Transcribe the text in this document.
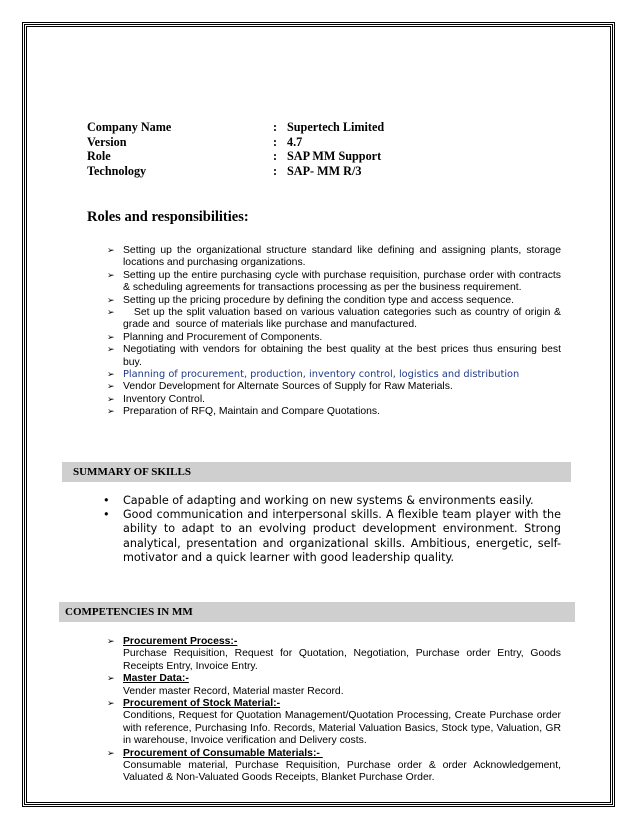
Company Name	: Supertech Limited
Version	: 4.7
Role	: SAP MM Support
Technology	: SAP- MM R/3
Roles and responsibilities:
➢ Setting up the organizational structure standard like defining and assigning plants, storage locations and purchasing organizations.
➢ Setting up the entire purchasing cycle with purchase requisition, purchase order with contracts & scheduling agreements for transactions processing as per the business requirement.
➢ Setting up the pricing procedure by defining the condition type and access sequence.
➢ Set up the split valuation based on various valuation categories such as country of origin & grade and  source of materials like purchase and manufactured.
➢ Planning and Procurement of Components.
➢ Negotiating with vendors for obtaining the best quality at the best prices thus ensuring best buy.
➢ Planning of procurement, production, inventory control, logistics and distribution
➢ Vendor Development for Alternate Sources of Supply for Raw Materials.
➢ Inventory Control.
➢ Preparation of RFQ, Maintain and Compare Quotations.
SUMMARY OF SKILLS
•	Capable of adapting and working on new systems & environments easily.
•	Good communication and interpersonal skills. A flexible team player with the ability to adapt to an evolving product development environment. Strong analytical, presentation and organizational skills. Ambitious, energetic, self-motivator and a quick learner with good leadership quality.
COMPETENCIES IN MM
➢ Procurement Process:-
Purchase Requisition, Request for Quotation, Negotiation, Purchase order Entry, Goods Receipts Entry, Invoice Entry.
➢ Master Data:-
Vender master Record, Material master Record.
➢ Procurement of Stock Material:-
Conditions, Request for Quotation Management/Quotation Processing, Create Purchase order with reference, Purchasing Info. Records, Material Valuation Basics, Stock type, Valuation, GR in warehouse, Invoice verification and Delivery costs.
➢ Procurement of Consumable Materials:-
Consumable material, Purchase Requisition, Purchase order & order Acknowledgement, Valuated & Non-Valuated Goods Receipts, Blanket Purchase Order.
